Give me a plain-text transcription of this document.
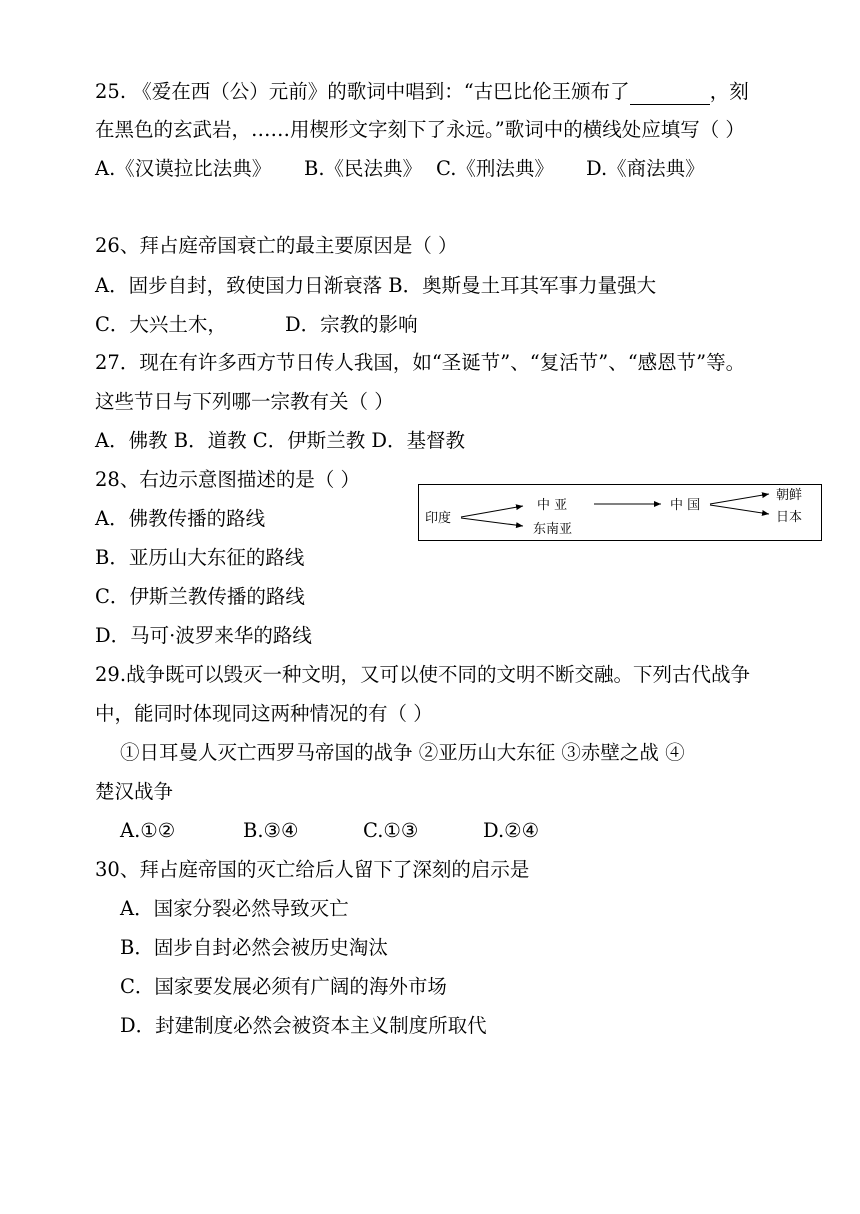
25. 《爱在西（公）元前》的歌词中唱到：“古巴比伦王颁布了	，刻
在黑色的玄武岩，……用楔形文字刻下了永远。”歌词中的横线处应填写（ ）
A.《汉谟拉比法典》 B.《民法典》 C.《刑法典》 D.《商法典》
26、拜占庭帝国衰亡的最主要原因是（ ）
A．固步自封，致使国力日渐衰落 B．奥斯曼土耳其军事力量强大
C．大兴土木，	D．宗教的影响
27．现在有许多西方节日传人我国，如“圣诞节”、“复活节”、“感恩节”等。
这些节日与下列哪一宗教有关（ ）
A．佛教 B．道教 C．伊斯兰教 D．基督教
28、右边示意图描述的是（ ）
A．佛教传播的路线
B．亚历山大东征的路线
C．伊斯兰教传播的路线
D．马可·波罗来华的路线
印度
中 亚
东南亚
中 国
朝鲜
日本
29.战争既可以毁灭一种文明，又可以使不同的文明不断交融。下列古代战争
中，能同时体现同这两种情况的有（ ）
①日耳曼人灭亡西罗马帝国的战争 ②亚历山大东征 ③赤壁之战 ④
楚汉战争
A.①②	B.③④	C.①③	D.②④
30、拜占庭帝国的灭亡给后人留下了深刻的启示是
A．国家分裂必然导致灭亡
B．固步自封必然会被历史淘汰
C．国家要发展必须有广阔的海外市场
D．封建制度必然会被资本主义制度所取代
